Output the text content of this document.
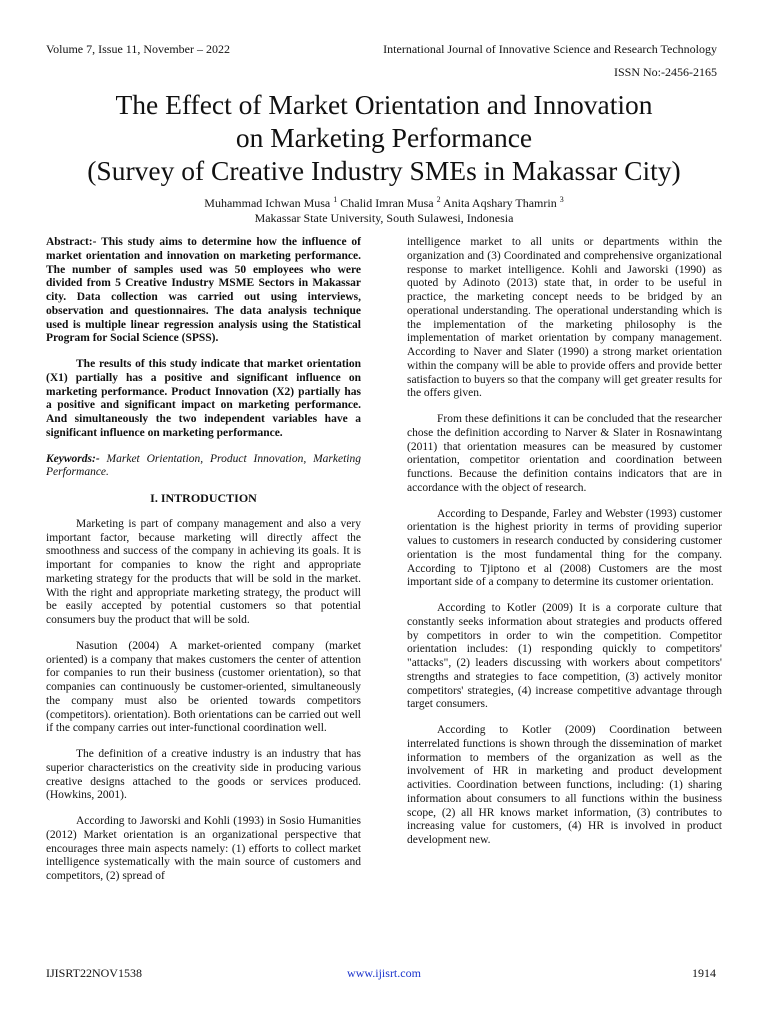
Volume 7, Issue 11, November – 2022	International Journal of Innovative Science and Research Technology
ISSN No:-2456-2165
The Effect of Market Orientation and Innovation
on Marketing Performance
(Survey of Creative Industry SMEs in Makassar City)
Muhammad Ichwan Musa $^1$ Chalid Imran Musa $^2$ Anita Aqshary Thamrin $^3$
Makassar State University, South Sulawesi, Indonesia

Abstract:- This study aims to determine how the influence of market orientation and innovation on marketing performance. The number of samples used was 50 employees who were divided from 5 Creative Industry MSME Sectors in Makassar city. Data collection was carried out using interviews, observation and questionnaires. The data analysis technique used is multiple linear regression analysis using the Statistical Program for Social Science (SPSS).

The results of this study indicate that market orientation (X1) partially has a positive and significant influence on marketing performance. Product Innovation (X2) partially has a positive and significant impact on marketing performance. And simultaneously the two independent variables have a significant influence on marketing performance.

Keywords:- Market Orientation, Product Innovation, Marketing Performance.

I. INTRODUCTION

Marketing is part of company management and also a very important factor, because marketing will directly affect the smoothness and success of the company in achieving its goals. It is important for companies to know the right and appropriate marketing strategy for the products that will be sold in the market. With the right and appropriate marketing strategy, the product will be easily accepted by potential customers so that potential consumers buy the product that will be sold.

Nasution (2004) A market-oriented company (market oriented) is a company that makes customers the center of attention for companies to run their business (customer orientation), so that companies can continuously be customer-oriented, simultaneously the company must also be oriented towards competitors (competitors). orientation). Both orientations can be carried out well if the company carries out inter-functional coordination well.

The definition of a creative industry is an industry that has superior characteristics on the creativity side in producing various creative designs attached to the goods or services produced. (Howkins, 2001).

According to Jaworski and Kohli (1993) in Sosio Humanities (2012) Market orientation is an organizational perspective that encourages three main aspects namely: (1) efforts to collect market intelligence systematically with the main source of customers and competitors, (2) spread of

intelligence market to all units or departments within the organization and (3) Coordinated and comprehensive organizational response to market intelligence. Kohli and Jaworski (1990) as quoted by Adinoto (2013) state that, in order to be useful in practice, the marketing concept needs to be bridged by an operational understanding. The operational understanding which is the implementation of the marketing philosophy is the implementation of market orientation by company management. According to Naver and Slater (1990) a strong market orientation within the company will be able to provide offers and provide better satisfaction to buyers so that the company will get greater results for the offers given.

From these definitions it can be concluded that the researcher chose the definition according to Narver & Slater in Rosnawintang (2011) that orientation measures can be measured by customer orientation, competitor orientation and coordination between functions. Because the definition contains indicators that are in accordance with the object of research.

According to Despande, Farley and Webster (1993) customer orientation is the highest priority in terms of providing superior values to customers in research conducted by considering customer orientation is the most fundamental thing for the company. According to Tjiptono et al (2008) Customers are the most important side of a company to determine its customer orientation.

According to Kotler (2009) It is a corporate culture that constantly seeks information about strategies and products offered by competitors in order to win the competition. Competitor orientation includes: (1) responding quickly to competitors' "attacks", (2) leaders discussing with workers about competitors' strengths and strategies to face competition, (3) actively monitor competitors' strategies, (4) increase competitive advantage through target consumers.

According to Kotler (2009) Coordination between interrelated functions is shown through the dissemination of market information to members of the organization as well as the involvement of HR in marketing and product development activities. Coordination between functions, including: (1) sharing information about consumers to all functions within the business scope, (2) all HR knows market information, (3) contributes to increasing value for customers, (4) HR is involved in product development new.

IJISRT22NOV1538	www.ijisrt.com	1914
